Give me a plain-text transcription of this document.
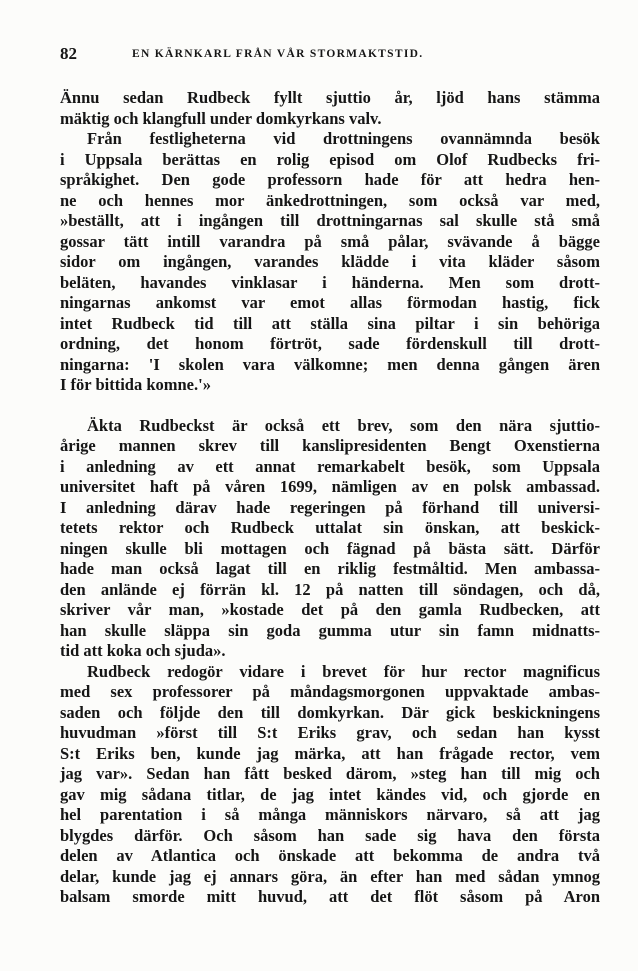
82	EN KÄRNKARL FRÅN VÅR STORMAKTSTID.
Ännu sedan Rudbeck fyllt sjuttio år, ljöd hans stämma
mäktig och klangfull under domkyrkans valv.
Från festligheterna vid drottningens ovannämnda besök
i Uppsala berättas en rolig episod om Olof Rudbecks fri-
språkighet. Den gode professorn hade för att hedra hen-
ne och hennes mor änkedrottningen, som också var med,
»beställt, att i ingången till drottningarnas sal skulle stå små
gossar tätt intill varandra på små pålar, svävande å bägge
sidor om ingången, varandes klädde i vita kläder såsom
beläten, havandes vinklasar i händerna. Men som drott-
ningarnas ankomst var emot allas förmodan hastig, fick
intet Rudbeck tid till att ställa sina piltar i sin behöriga
ordning, det honom förtröt, sade fördenskull till drott-
ningarna: 'I skolen vara välkomne; men denna gången ären
I för bittida komne.'»
Äkta Rudbeckst är också ett brev, som den nära sjuttio-
årige mannen skrev till kanslipresidenten Bengt Oxenstierna
i anledning av ett annat remarkabelt besök, som Uppsala
universitet haft på våren 1699, nämligen av en polsk ambassad.
I anledning därav hade regeringen på förhand till universi-
tetets rektor och Rudbeck uttalat sin önskan, att beskick-
ningen skulle bli mottagen och fägnad på bästa sätt. Därför
hade man också lagat till en riklig festmåltid. Men ambassa-
den anlände ej förrän kl. 12 på natten till söndagen, och då,
skriver vår man, »kostade det på den gamla Rudbecken, att
han skulle släppa sin goda gumma utur sin famn midnatts-
tid att koka och sjuda».
Rudbeck redogör vidare i brevet för hur rector magnificus
med sex professorer på måndagsmorgonen uppvaktade ambas-
saden och följde den till domkyrkan. Där gick beskickningens
huvudman »först till S:t Eriks grav, och sedan han kysst
S:t Eriks ben, kunde jag märka, att han frågade rector, vem
jag var». Sedan han fått besked därom, »steg han till mig och
gav mig sådana titlar, de jag intet kändes vid, och gjorde en
hel parentation i så många människors närvaro, så att jag
blygdes därför. Och såsom han sade sig hava den första
delen av Atlantica och önskade att bekomma de andra två
delar, kunde jag ej annars göra, än efter han med sådan ymnog
balsam smorde mitt huvud, att det flöt såsom på Aron
